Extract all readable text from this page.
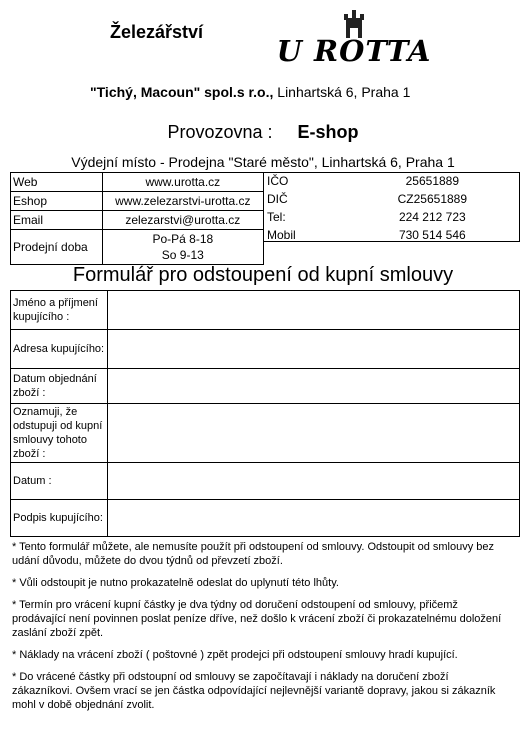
Železářství
U ROTTA
"Tichý, Macoun" spol.s r.o., Linhartská 6, Praha 1
Provozovna : E-shop
Výdejní místo - Prodejna "Staré město", Linhartská 6, Praha 1
Web	www.urotta.cz
Eshop	www.zelezarstvi-urotta.cz
Email	zelezarstvi@urotta.cz
Prodejní doba	Po-Pá 8-18
So 9-13
IČO	25651889
DIČ	CZ25651889
Tel:	224 212 723
Mobil	730 514 546
Formulář pro odstoupení od kupní smlouvy
Jméno a příjmení kupujícího :	
Adresa kupujícího:	
Datum objednání zboží :	
Oznamuji, že odstupuji od kupní smlouvy tohoto zboží :	
Datum :	
Podpis kupujícího:	

* Tento formulář můžete, ale nemusíte použít při odstoupení od smlouvy. Odstoupit od smlouvy bez udání důvodu, můžete do dvou týdnů od převzetí zboží.

* Vůli odstoupit je nutno prokazatelně odeslat do uplynutí této lhůty.

* Termín pro vrácení kupní částky je dva týdny od doručení odstoupení od smlouvy, přičemž prodávající není povinnen poslat peníze dříve, než došlo k vrácení zboží či prokazatelnému doložení zaslání zboží zpět.

* Náklady na vrácení zboží ( poštovné ) zpět prodejci při odstoupení smlouvy hradí kupující.

* Do vrácené částky při odstoupní od smlouvy se započítavají i náklady na doručení zboží zákazníkovi. Ovšem vrací se jen částka odpovídající nejlevnější variantě dopravy, jakou si zákazník mohl v době objednání zvolit.
